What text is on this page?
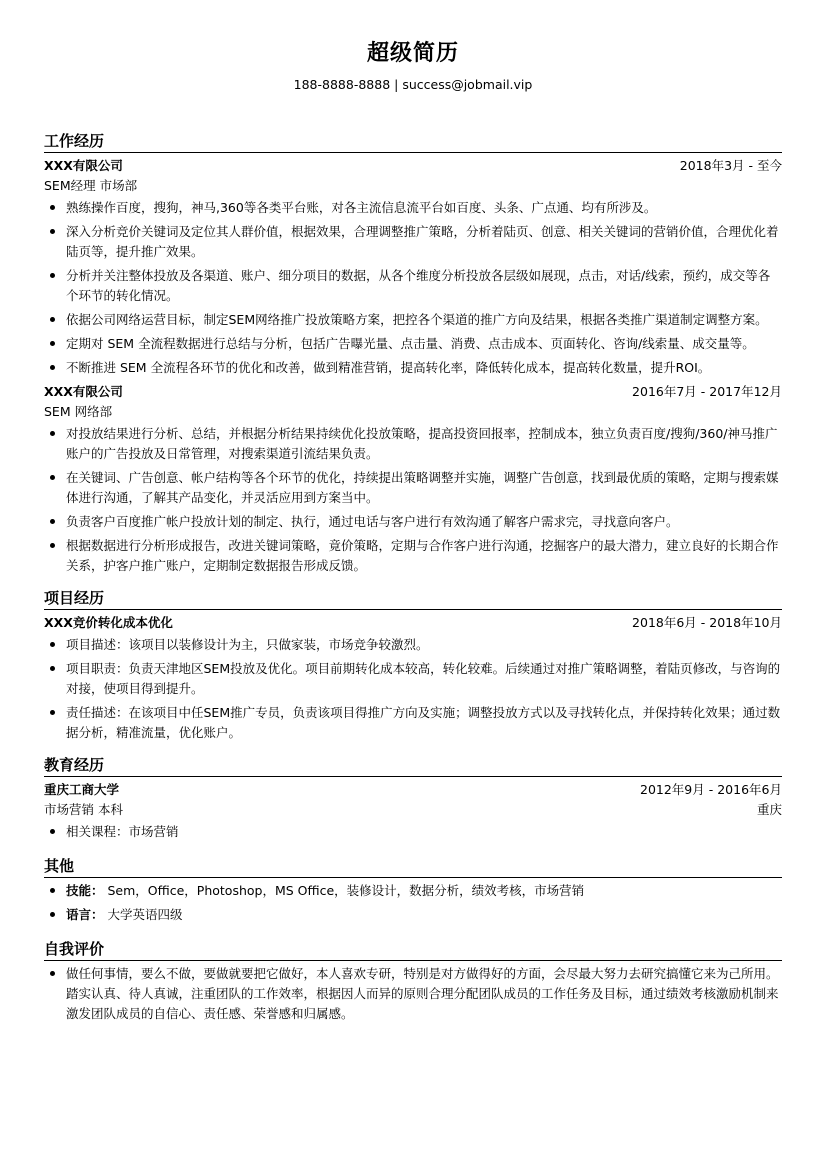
超级简历
188-8888-8888 | success@jobmail.vip
工作经历
XXX有限公司	2018年3月 - 至今
SEM经理 市场部
熟练操作百度，搜狗，神马,360等各类平台账，对各主流信息流平台如百度、头条、广点通、均有所涉及。
深入分析竞价关键词及定位其人群价值，根据效果，合理调整推广策略，分析着陆页、创意、相关关键词的营销价值，合理优化着陆页等，提升推广效果。
分析并关注整体投放及各渠道、账户、细分项目的数据，从各个维度分析投放各层级如展现，点击，对话/线索，预约，成交等各个环节的转化情况。
依据公司网络运营目标，制定SEM网络推广投放策略方案，把控各个渠道的推广方向及结果，根据各类推广渠道制定调整方案。
定期对 SEM 全流程数据进行总结与分析，包括广告曝光量、点击量、消费、点击成本、页面转化、咨询/线索量、成交量等。
不断推进 SEM 全流程各环节的优化和改善，做到精准营销，提高转化率，降低转化成本，提高转化数量，提升ROI。
XXX有限公司	2016年7月 - 2017年12月
SEM 网络部
对投放结果进行分析、总结，并根据分析结果持续优化投放策略，提高投资回报率，控制成本，独立负责百度/搜狗/360/神马推广账户的广告投放及日常管理，对搜索渠道引流结果负责。
在关键词、广告创意、帐户结构等各个环节的优化，持续提出策略调整并实施，调整广告创意，找到最优质的策略，定期与搜索媒体进行沟通，了解其产品变化，并灵活应用到方案当中。
负责客户百度推广帐户投放计划的制定、执行，通过电话与客户进行有效沟通了解客户需求完，寻找意向客户。
根据数据进行分析形成报告，改进关键词策略，竟价策略，定期与合作客户进行沟通，挖掘客户的最大潜力，建立良好的长期合作关系，护客户推广账户，定期制定数据报告形成反馈。
项目经历
XXX竞价转化成本优化	2018年6月 - 2018年10月
项目描述：该项目以装修设计为主，只做家装，市场竞争较激烈。
项目职责：负责天津地区SEM投放及优化。项目前期转化成本较高，转化较难。后续通过对推广策略调整，着陆页修改，与咨询的对接，使项目得到提升。
责任描述：在该项目中任SEM推广专员，负责该项目得推广方向及实施；调整投放方式以及寻找转化点，并保持转化效果；通过数据分析，精准流量，优化账户。
教育经历
重庆工商大学	2012年9月 - 2016年6月
市场营销 本科	重庆
相关课程：市场营销
其他
技能： Sem，Office，Photoshop，MS Office，装修设计，数据分析，绩效考核，市场营销
语言： 大学英语四级
自我评价
做任何事情，要么不做，要做就要把它做好，本人喜欢专研，特别是对方做得好的方面，会尽最大努力去研究搞懂它来为己所用。踏实认真、待人真诚，注重团队的工作效率，根据因人而异的原则合理分配团队成员的工作任务及目标，通过绩效考核激励机制来激发团队成员的自信心、责任感、荣誉感和归属感。
